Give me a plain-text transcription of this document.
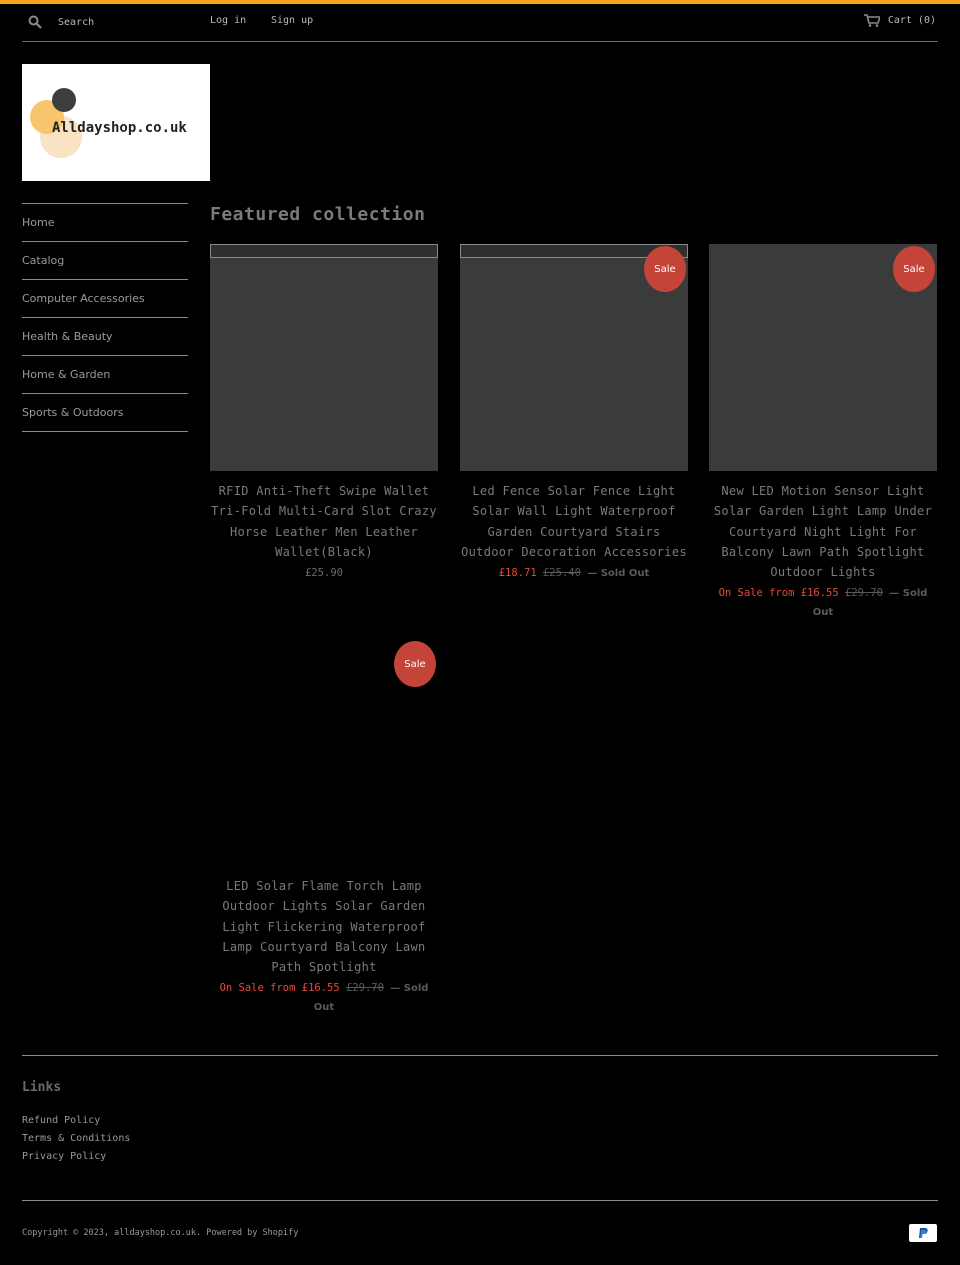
Search
Log in Sign up	Cart (0)
Alldayshop.co.uk
Home
Catalog
Computer Accessories
Health & Beauty
Home & Garden
Sports & Outdoors
Featured collection
RFID Anti-Theft Swipe Wallet Tri-Fold Multi-Card Slot Crazy Horse Leather Men Leather Wallet(Black)
£25.90
Sale
Led Fence Solar Fence Light Solar Wall Light Waterproof Garden Courtyard Stairs Outdoor Decoration Accessories
£18.71 £25.40 — Sold Out
Sale
New LED Motion Sensor Light Solar Garden Light Lamp Under Courtyard Night Light For Balcony Lawn Path Spotlight Outdoor Lights
On Sale from £16.55 £29.70 — Sold Out
Sale
LED Solar Flame Torch Lamp Outdoor Lights Solar Garden Light Flickering Waterproof Lamp Courtyard Balcony Lawn Path Spotlight
On Sale from £16.55 £29.70 — Sold Out
Links
Refund Policy
Terms & Conditions
Privacy Policy
Copyright © 2023, alldayshop.co.uk. Powered by Shopify
